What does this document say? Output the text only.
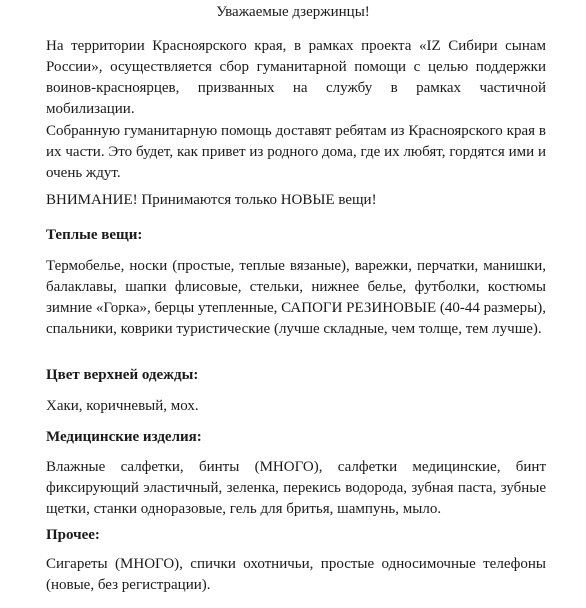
Уважаемые дзержинцы!

На территории Красноярского края, в рамках проекта «IZ Сибири сынам России», осуществляется сбор гуманитарной помощи с целью поддержки воинов-красноярцев, призванных на службу в рамках частичной мобилизации.

Собранную гуманитарную помощь доставят ребятам из Красноярского края в их части. Это будет, как привет из родного дома, где их любят, гордятся ими и очень ждут.

ВНИМАНИЕ! Принимаются только НОВЫЕ вещи!

Теплые вещи:

Термобелье, носки (простые, теплые вязаные), варежки, перчатки, манишки, балаклавы, шапки флисовые, стельки, нижнее белье, футболки, костюмы зимние «Горка», берцы утепленные, САПОГИ РЕЗИНОВЫЕ (40-44 размеры), спальники, коврики туристические (лучше складные, чем толще, тем лучше).

Цвет верхней одежды:

Хаки, коричневый, мох.

Медицинские изделия:

Влажные салфетки, бинты (МНОГО), салфетки медицинские, бинт фиксирующий эластичный, зеленка, перекись водорода, зубная паста, зубные щетки, станки одноразовые, гель для бритья, шампунь, мыло.

Прочее:

Сигареты (МНОГО), спички охотничьи, простые односимочные телефоны (новые, без регистрации).
